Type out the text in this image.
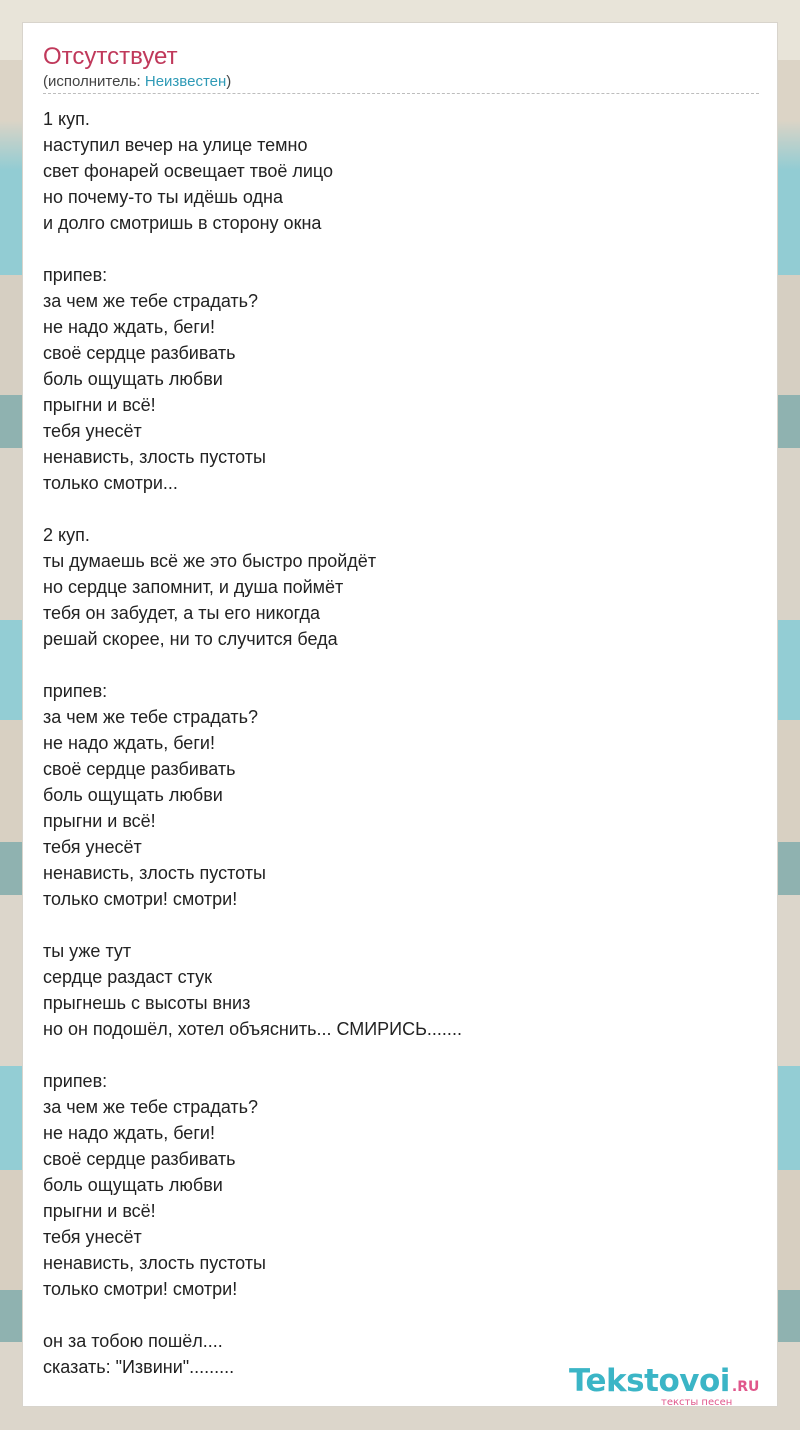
Отсутствует
(исполнитель: Неизвестен)
1 куп.
наступил вечер на улице темно
свет фонарей освещает твоё лицо
но почему-то ты идёшь одна
и долго смотришь в сторону окна

припев:
за чем же тебе страдать?
не надо ждать, беги!
своё сердце разбивать
боль ощущать любви
прыгни и всё!
тебя унесёт
ненависть, злость пустоты
только смотри...

2 куп.
ты думаешь всё же это быстро пройдёт
но сердце запомнит, и душа поймёт
тебя он забудет, а ты его никогда
решай скорее, ни то случится беда

припев:
за чем же тебе страдать?
не надо ждать, беги!
своё сердце разбивать
боль ощущать любви
прыгни и всё!
тебя унесёт
ненависть, злость пустоты
только смотри! смотри!

ты уже тут
сердце раздаст стук
прыгнешь с высоты вниз
но он подошёл, хотел объяснить... СМИРИСЬ.......

припев:
за чем же тебе страдать?
не надо ждать, беги!
своё сердце разбивать
боль ощущать любви
прыгни и всё!
тебя унесёт
ненависть, злость пустоты
только смотри! смотри!

он за тобою пошёл....
сказать: "Извини".........	Tekstovoi .RU
тексты песен
